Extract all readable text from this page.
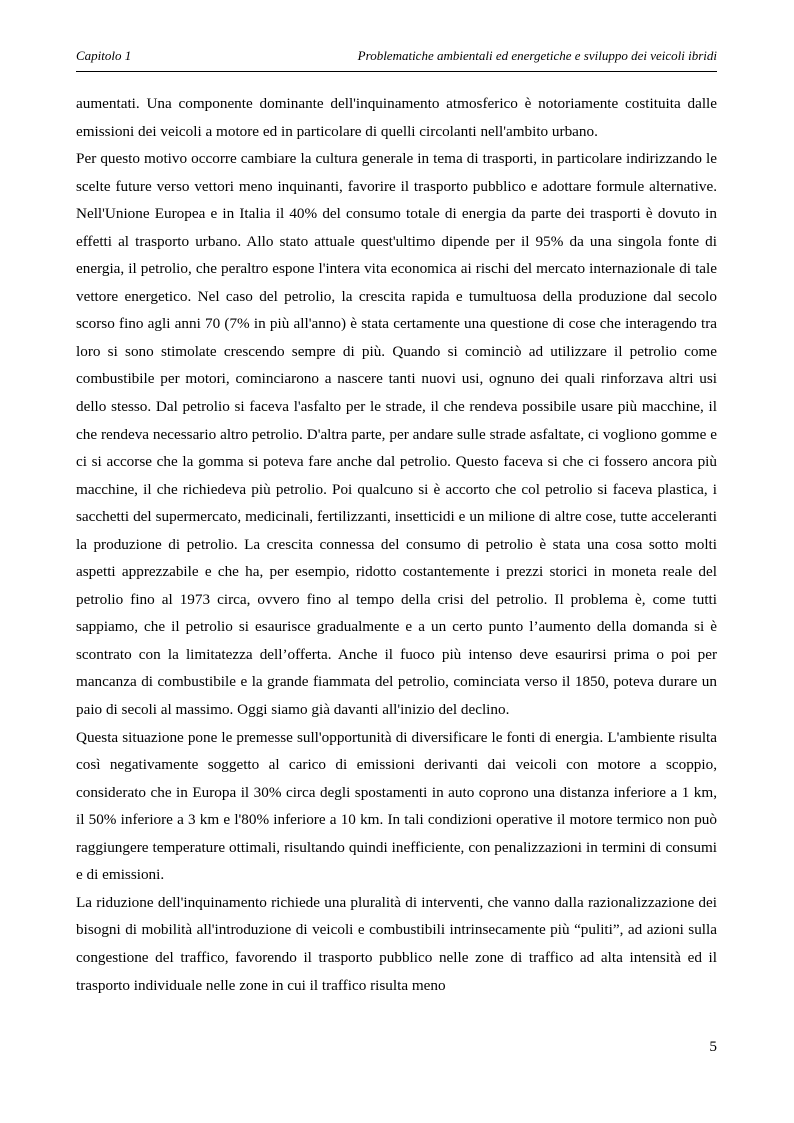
Capitolo 1	Problematiche ambientali ed energetiche e sviluppo dei veicoli ibridi

aumentati. Una componente dominante dell'inquinamento atmosferico è notoriamente costituita dalle emissioni dei veicoli a motore ed in particolare di quelli circolanti nell'ambito urbano.

Per questo motivo occorre cambiare la cultura generale in tema di trasporti, in particolare indirizzando le scelte future verso vettori meno inquinanti, favorire il trasporto pubblico e adottare formule alternative. Nell'Unione Europea e in Italia il 40% del consumo totale di energia da parte dei trasporti è dovuto in effetti al trasporto urbano. Allo stato attuale quest'ultimo dipende per il 95% da una singola fonte di energia, il petrolio, che peraltro espone l'intera vita economica ai rischi del mercato internazionale di tale vettore energetico. Nel caso del petrolio, la crescita rapida e tumultuosa della produzione dal secolo scorso fino agli anni 70 (7% in più all'anno) è stata certamente una questione di cose che interagendo tra loro si sono stimolate crescendo sempre di più. Quando si cominciò ad utilizzare il petrolio come combustibile per motori, cominciarono a nascere tanti nuovi usi, ognuno dei quali rinforzava altri usi dello stesso. Dal petrolio si faceva l'asfalto per le strade, il che rendeva possibile usare più macchine, il che rendeva necessario altro petrolio. D'altra parte, per andare sulle strade asfaltate, ci vogliono gomme e ci si accorse che la gomma si poteva fare anche dal petrolio. Questo faceva si che ci fossero ancora più macchine, il che richiedeva più petrolio. Poi qualcuno si è accorto che col petrolio si faceva plastica, i sacchetti del supermercato, medicinali, fertilizzanti, insetticidi e un milione di altre cose, tutte acceleranti la produzione di petrolio. La crescita connessa del consumo di petrolio è stata una cosa sotto molti aspetti apprezzabile e che ha, per esempio, ridotto costantemente i prezzi storici in moneta reale del petrolio fino al 1973 circa, ovvero fino al tempo della crisi del petrolio. Il problema è, come tutti sappiamo, che il petrolio si esaurisce gradualmente e a un certo punto l’aumento della domanda si è scontrato con la limitatezza dell’offerta. Anche il fuoco più intenso deve esaurirsi prima o poi per mancanza di combustibile e la grande fiammata del petrolio, cominciata verso il 1850, poteva durare un paio di secoli al massimo. Oggi siamo già davanti all'inizio del declino.

Questa situazione pone le premesse sull'opportunità di diversificare le fonti di energia. L'ambiente risulta così negativamente soggetto al carico di emissioni derivanti dai veicoli con motore a scoppio, considerato che in Europa il 30% circa degli spostamenti in auto coprono una distanza inferiore a 1 km, il 50% inferiore a 3 km e l'80% inferiore a 10 km. In tali condizioni operative il motore termico non può raggiungere temperature ottimali, risultando quindi inefficiente, con penalizzazioni in termini di consumi e di emissioni.

La riduzione dell'inquinamento richiede una pluralità di interventi, che vanno dalla razionalizzazione dei bisogni di mobilità all'introduzione di veicoli e combustibili intrinsecamente più “puliti”, ad azioni sulla congestione del traffico, favorendo il trasporto pubblico nelle zone di traffico ad alta intensità ed il trasporto individuale nelle zone in cui il traffico risulta meno

5
